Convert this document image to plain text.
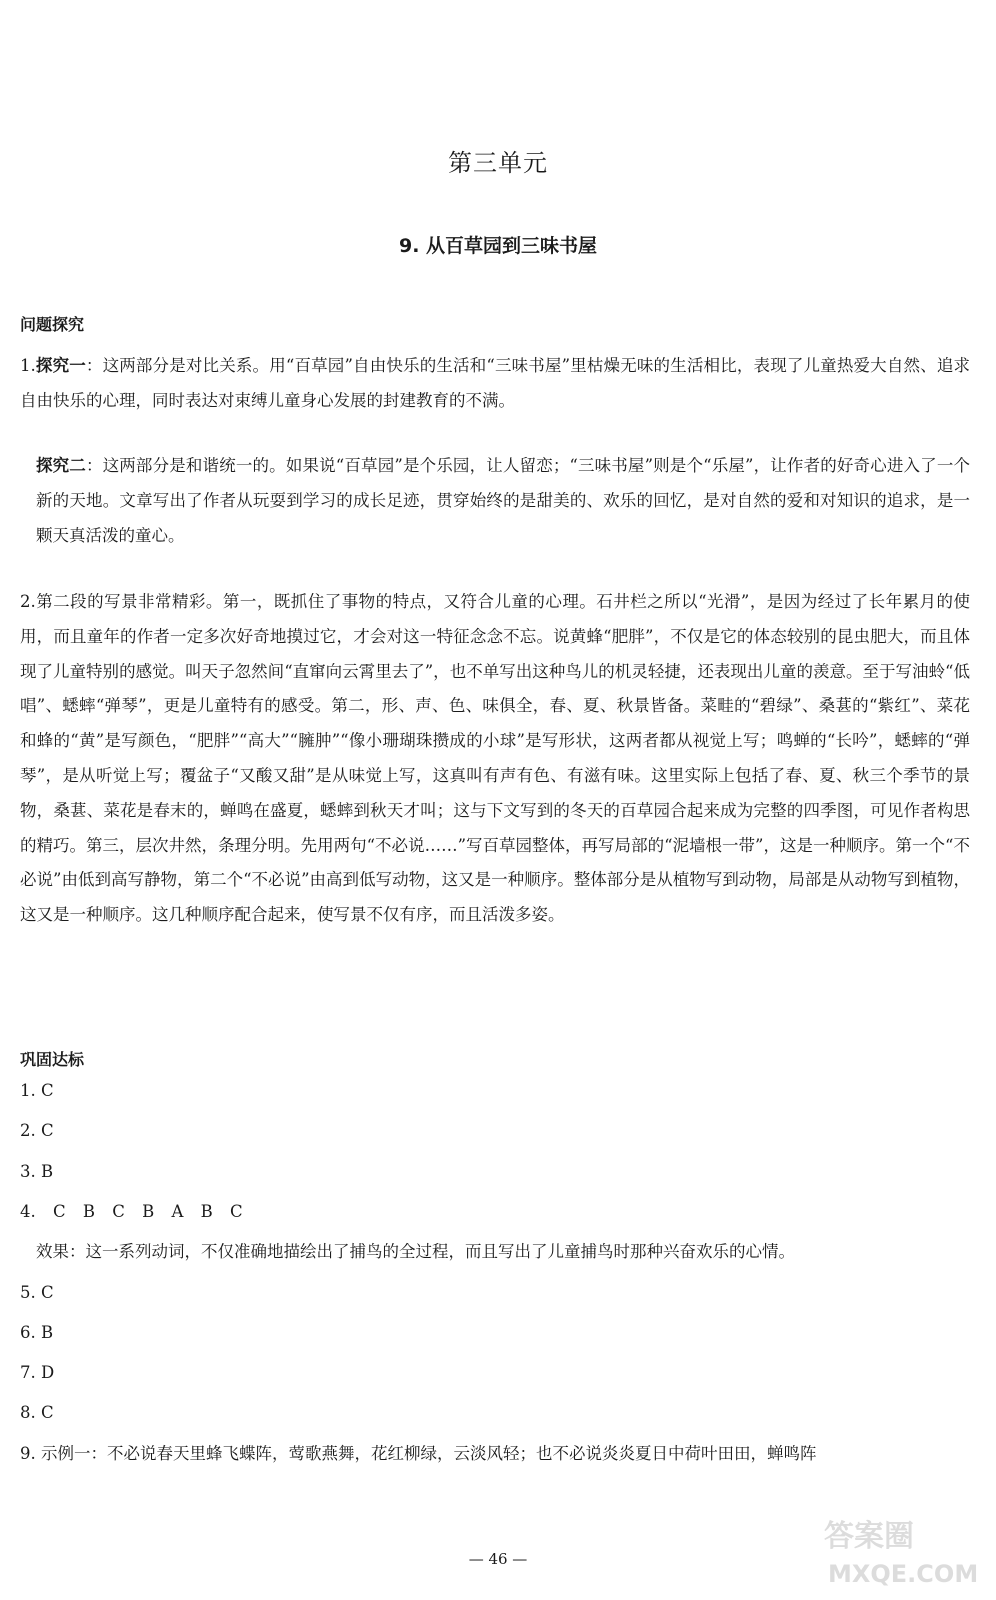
第三单元
9. 从百草园到三味书屋
问题探究
1.探究一：这两部分是对比关系。用“百草园”自由快乐的生活和“三味书屋”里枯燥无味的生活相比，表现了儿童热爱大自然、追求自由快乐的心理，同时表达对束缚儿童身心发展的封建教育的不满。
探究二：这两部分是和谐统一的。如果说“百草园”是个乐园，让人留恋；“三味书屋”则是个“乐屋”，让作者的好奇心进入了一个新的天地。文章写出了作者从玩耍到学习的成长足迹，贯穿始终的是甜美的、欢乐的回忆，是对自然的爱和对知识的追求，是一颗天真活泼的童心。
2.第二段的写景非常精彩。第一，既抓住了事物的特点，又符合儿童的心理。石井栏之所以“光滑”，是因为经过了长年累月的使用，而且童年的作者一定多次好奇地摸过它，才会对这一特征念念不忘。说黄蜂“肥胖”，不仅是它的体态较别的昆虫肥大，而且体现了儿童特别的感觉。叫天子忽然间“直窜向云霄里去了”，也不单写出这种鸟儿的机灵轻捷，还表现出儿童的羡意。至于写油蛉“低唱”、蟋蟀“弹琴”，更是儿童特有的感受。第二，形、声、色、味俱全，春、夏、秋景皆备。菜畦的“碧绿”、桑葚的“紫红”、菜花和蜂的“黄”是写颜色，“肥胖”“高大”“臃肿”“像小珊瑚珠攒成的小球”是写形状，这两者都从视觉上写；鸣蝉的“长吟”，蟋蟀的“弹琴”，是从听觉上写；覆盆子“又酸又甜”是从味觉上写，这真叫有声有色、有滋有味。这里实际上包括了春、夏、秋三个季节的景物，桑葚、菜花是春末的，蝉鸣在盛夏，蟋蟀到秋天才叫；这与下文写到的冬天的百草园合起来成为完整的四季图，可见作者构思的精巧。第三，层次井然，条理分明。先用两句“不必说……”写百草园整体，再写局部的“泥墙根一带”，这是一种顺序。第一个“不必说”由低到高写静物，第二个“不必说”由高到低写动物，这又是一种顺序。整体部分是从植物写到动物，局部是从动物写到植物，这又是一种顺序。这几种顺序配合起来，使写景不仅有序，而且活泼多姿。
巩固达标
1. C
2. C
3. B
4. C B C B A B C
效果：这一系列动词，不仅准确地描绘出了捕鸟的全过程，而且写出了儿童捕鸟时那种兴奋欢乐的心情。
5. C
6. B
7. D
8. C
9. 示例一：不必说春天里蜂飞蝶阵，莺歌燕舞，花红柳绿，云淡风轻；也不必说炎炎夏日中荷叶田田，蝉鸣阵
— 46 —
答案圈
MXQE.COM
